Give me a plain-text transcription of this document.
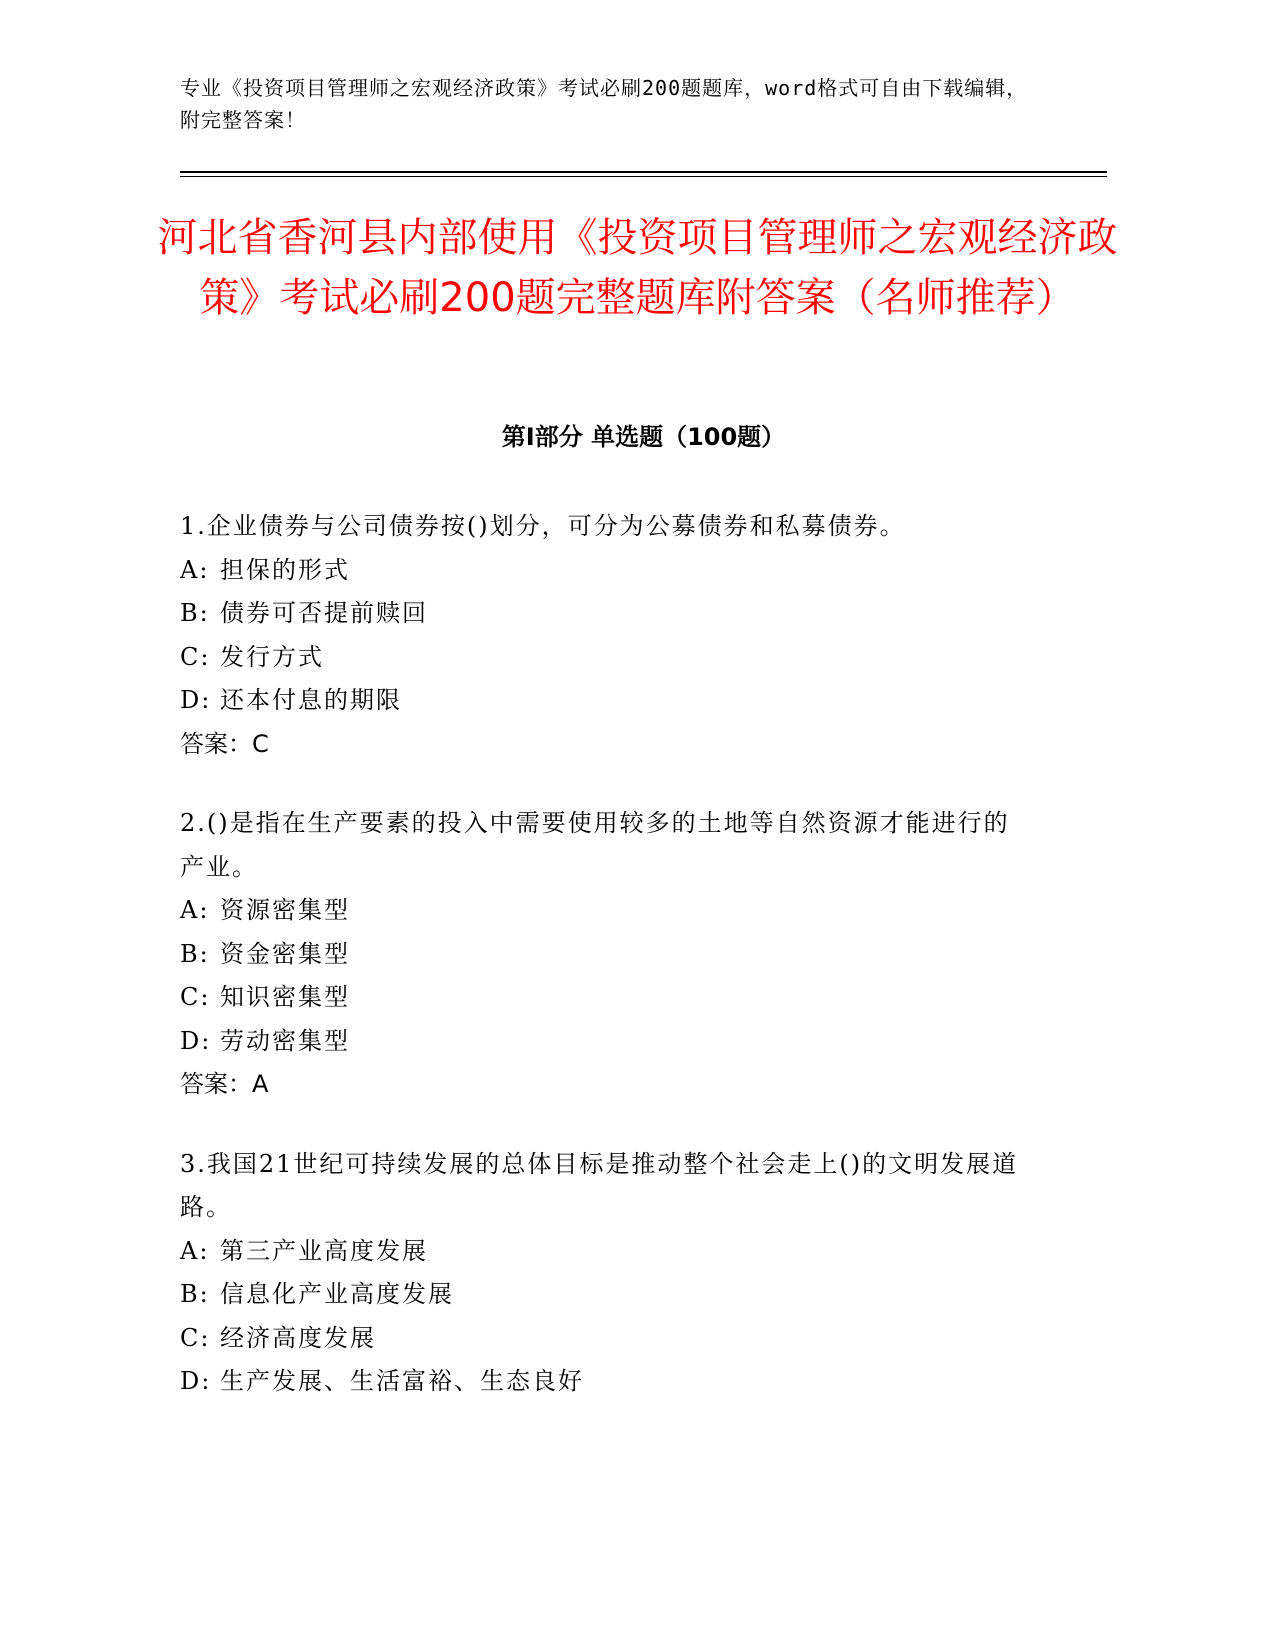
专业《投资项目管理师之宏观经济政策》考试必刷200题题库，word格式可自由下载编辑，附完整答案！
河北省香河县内部使用《投资项目管理师之宏观经济政策》考试必刷200题完整题库附答案（名师推荐）
第Ⅰ部分 单选题（100题）
1.企业债券与公司债券按()划分，可分为公募债券和私募债券。
A: 担保的形式
B: 债券可否提前赎回
C: 发行方式
D: 还本付息的期限
答案：C
2.()是指在生产要素的投入中需要使用较多的土地等自然资源才能进行的产业。
A: 资源密集型
B: 资金密集型
C: 知识密集型
D: 劳动密集型
答案：A
3.我国21世纪可持续发展的总体目标是推动整个社会走上()的文明发展道路。
A: 第三产业高度发展
B: 信息化产业高度发展
C: 经济高度发展
D: 生产发展、生活富裕、生态良好
